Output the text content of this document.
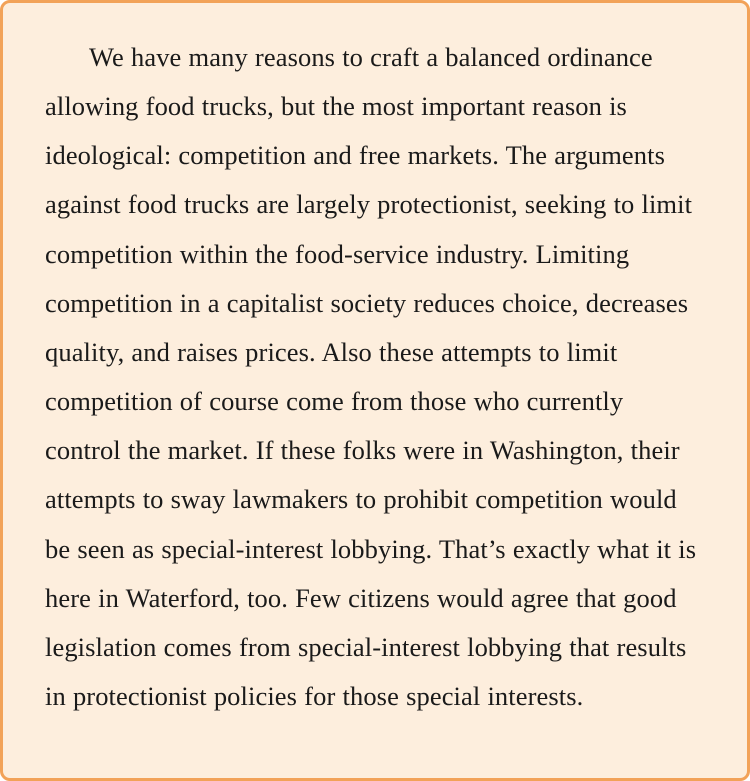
We have many reasons to craft a balanced ordinance allowing food trucks, but the most important reason is ideological: competition and free markets. The arguments against food trucks are largely protectionist, seeking to limit competition within the food-service industry. Limiting competition in a capitalist society reduces choice, decreases quality, and raises prices. Also these attempts to limit competition of course come from those who currently control the market. If these folks were in Washington, their attempts to sway lawmakers to prohibit competition would be seen as special-interest lobbying. That’s exactly what it is here in Waterford, too. Few citizens would agree that good legislation comes from special-interest lobbying that results in protectionist policies for those special interests.
